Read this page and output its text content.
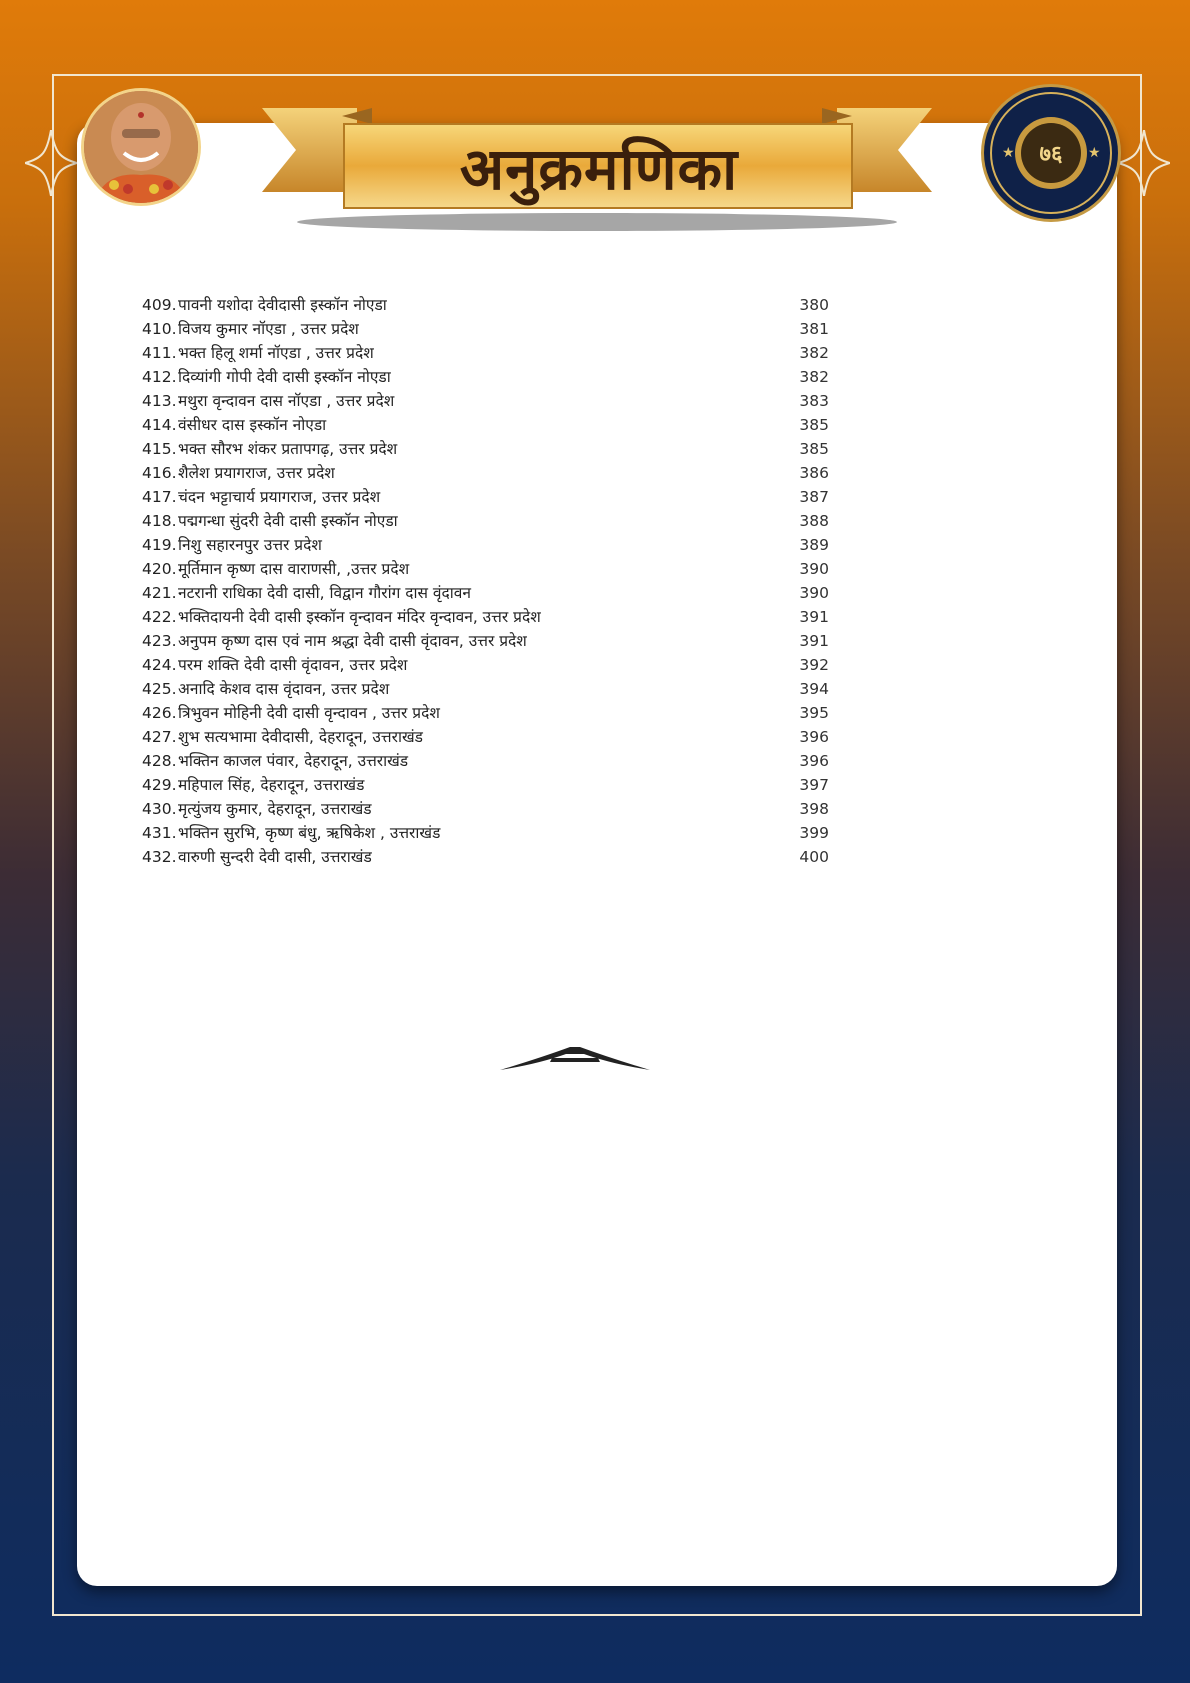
अनुक्रमणिका	७६
★	★
409. पावनी यशोदा देवीदासी इस्कॉन नोएडा	380
410. विजय कुमार नॉएडा , उत्तर प्रदेश	381
411. भक्त हिलू शर्मा नॉएडा , उत्तर प्रदेश	382
412. दिव्यांगी गोपी देवी दासी इस्कॉन नोएडा	382
413. मथुरा वृन्दावन दास नॉएडा , उत्तर प्रदेश	383
414. वंसीधर दास इस्कॉन नोएडा	385
415. भक्त सौरभ शंकर प्रतापगढ़, उत्तर प्रदेश	385
416. शैलेश प्रयागराज, उत्तर प्रदेश	386
417. चंदन भट्टाचार्य प्रयागराज, उत्तर प्रदेश	387
418. पद्मगन्धा सुंदरी देवी दासी इस्कॉन नोएडा	388
419. निशु सहारनपुर उत्तर प्रदेश	389
420. मूर्तिमान कृष्ण दास वाराणसी, ,उत्तर प्रदेश	390
421. नटरानी राधिका देवी दासी, विद्वान गौरांग दास वृंदावन	390
422. भक्तिदायनी देवी दासी इस्कॉन वृन्दावन मंदिर वृन्दावन, उत्तर प्रदेश	391
423. अनुपम कृष्ण दास एवं नाम श्रद्धा देवी दासी वृंदावन, उत्तर प्रदेश	391
424. परम शक्ति देवी दासी वृंदावन, उत्तर प्रदेश	392
425. अनादि केशव दास वृंदावन, उत्तर प्रदेश	394
426. त्रिभुवन मोहिनी देवी दासी वृन्दावन , उत्तर प्रदेश	395
427. शुभ सत्यभामा देवीदासी, देहरादून, उत्तराखंड	396
428. भक्तिन काजल पंवार, देहरादून, उत्तराखंड	396
429. महिपाल सिंह, देहरादून, उत्तराखंड	397
430. मृत्युंजय कुमार, देहरादून, उत्तराखंड	398
431. भक्तिन सुरभि, कृष्ण बंधु, ऋषिकेश , उत्तराखंड	399
432. वारुणी सुन्दरी देवी दासी, उत्तराखंड	400
